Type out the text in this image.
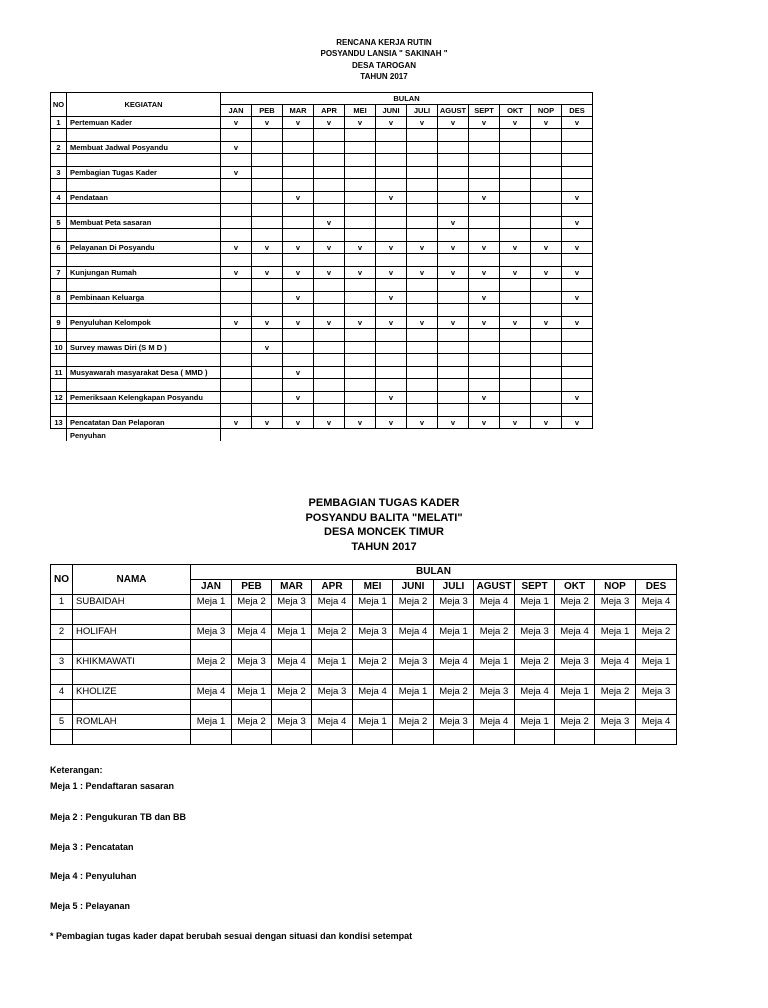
RENCANA KERJA RUTIN
POSYANDU LANSIA " SAKINAH "
DESA TAROGAN
TAHUN 2017
NO	KEGIATAN	BULAN											
		JAN	PEB	MAR	APR	MEI	JUNI	JULI	AGUST	SEPT	OKT	NOP	DES
1	Pertemuan Kader	v	v	v	v	v	v	v	v	v	v	v	v

2	Membuat Jadwal Posyandu	v											

3	Pembagian Tugas Kader	v											

4	Pendataan			v			v			v			v

5	Membuat Peta sasaran				v				v				v

6	Pelayanan Di Posyandu	v	v	v	v	v	v	v	v	v	v	v	v

7	Kunjungan Rumah	v	v	v	v	v	v	v	v	v	v	v	v

8	Pembinaan Keluarga			v			v			v			v

9	Penyuluhan Kelompok	v	v	v	v	v	v	v	v	v	v	v	v

10	Survey mawas Diri (S M D )		v										

11	Musyawarah masyarakat Desa ( MMD )			v									

12	Pemeriksaan Kelengkapan Posyandu			v			v			v			v

13	Pencatatan Dan Pelaporan	v	v	v	v	v	v	v	v	v	v	v	v
	Penyuhan												
PEMBAGIAN TUGAS KADER
POSYANDU BALITA "MELATI"
DESA MONCEK TIMUR
TAHUN 2017
NO	NAMA	BULAN											
		JAN	PEB	MAR	APR	MEI	JUNI	JULI	AGUST	SEPT	OKT	NOP	DES
1	SUBAIDAH	Meja 1	Meja 2	Meja 3	Meja 4	Meja 1	Meja 2	Meja 3	Meja 4	Meja 1	Meja 2	Meja 3	Meja 4

2	HOLIFAH	Meja 3	Meja 4	Meja 1	Meja 2	Meja 3	Meja 4	Meja 1	Meja 2	Meja 3	Meja 4	Meja 1	Meja 2

3	KHIKMAWATI	Meja 2	Meja 3	Meja 4	Meja 1	Meja 2	Meja 3	Meja 4	Meja 1	Meja 2	Meja 3	Meja 4	Meja 1

4	KHOLIZE	Meja 4	Meja 1	Meja 2	Meja 3	Meja 4	Meja 1	Meja 2	Meja 3	Meja 4	Meja 1	Meja 2	Meja 3

5	ROMLAH	Meja 1	Meja 2	Meja 3	Meja 4	Meja 1	Meja 2	Meja 3	Meja 4	Meja 1	Meja 2	Meja 3	Meja 4

Keterangan:
Meja 1 : Pendaftaran sasaran
Meja 2 : Pengukuran TB dan BB
Meja 3 : Pencatatan
Meja 4 : Penyuluhan
Meja 5 : Pelayanan
* Pembagian tugas kader dapat berubah sesuai dengan situasi dan kondisi setempat
